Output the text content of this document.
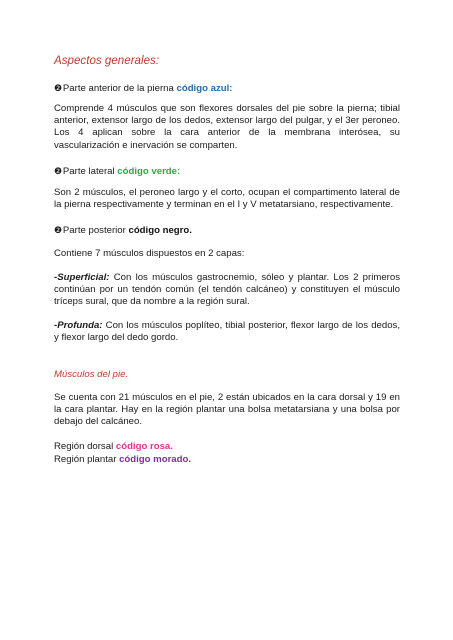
Aspectos generales:

❷Parte anterior de la pierna código azul:

Comprende 4 músculos que son flexores dorsales del pie sobre la pierna; tibial anterior, extensor largo de los dedos, extensor largo del pulgar, y el 3er peroneo. Los 4 aplican sobre la cara anterior de la membrana interósea, su vascularización e inervación se comparten.

❷Parte lateral código verde:

Son 2 músculos, el peroneo largo y el corto, ocupan el compartimento lateral de la pierna respectivamente y terminan en el I y V metatarsiano, respectivamente.

❷Parte posterior código negro.

Contiene 7 músculos dispuestos en 2 capas:

-Superficial: Con los músculos gastrocnemio, sóleo y plantar. Los 2 primeros continúan por un tendón común (el tendón calcáneo) y constituyen el músculo tríceps sural, que da nombre a la región sural.

-Profunda: Con los músculos poplíteo, tibial posterior, flexor largo de los dedos, y flexor largo del dedo gordo.

Músculos del pie.

Se cuenta con 21 músculos en el pie, 2 están ubicados en la cara dorsal y 19 en la cara plantar. Hay en la región plantar una bolsa metatarsiana y una bolsa por debajo del calcáneo.

Región dorsal código rosa.

Región plantar código morado.
